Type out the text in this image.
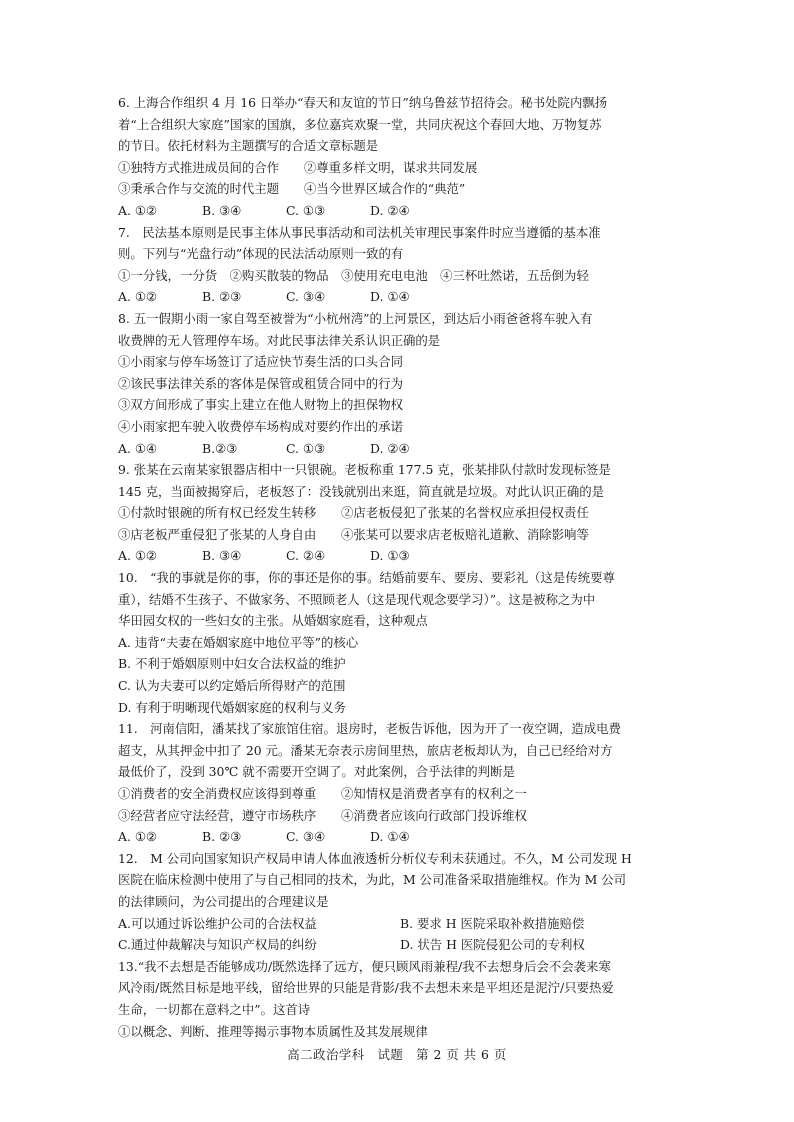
6. 上海合作组织 4 月 16 日举办“春天和友谊的节日”纳乌鲁兹节招待会。秘书处院内飘扬
着“上合组织大家庭”国家的国旗，多位嘉宾欢聚一堂，共同庆祝这个春回大地、万物复苏
的节日。依托材料为主题撰写的合适文章标题是
①独特方式推进成员间的合作　　②尊重多样文明，谋求共同发展
③秉承合作与交流的时代主题　　④当今世界区域合作的“典范”
A. ①②	B. ③④	C. ①③	D. ②④
7.　民法基本原则是民事主体从事民事活动和司法机关审理民事案件时应当遵循的基本准
则。下列与“光盘行动”体现的民法活动原则一致的有
①一分钱，一分货　②购买散装的物品　③使用充电电池　④三杯吐然诺，五岳倒为轻
A. ①②	B. ②③	C. ③④	D. ①④
8. 五一假期小雨一家自驾至被誉为“小杭州湾”的上河景区，到达后小雨爸爸将车驶入有
收费牌的无人管理停车场。对此民事法律关系认识正确的是
①小雨家与停车场签订了适应快节奏生活的口头合同
②该民事法律关系的客体是保管或租赁合同中的行为
③双方间形成了事实上建立在他人财物上的担保物权
④小雨家把车驶入收费停车场构成对要约作出的承诺
A. ①④	B.②③	C. ①③	D. ②④
9. 张某在云南某家银器店相中一只银碗。老板称重 177.5 克，张某排队付款时发现标签是
145 克，当面被揭穿后，老板怒了：没钱就别出来逛，简直就是垃圾。对此认识正确的是
①付款时银碗的所有权已经发生转移　　②店老板侵犯了张某的名誉权应承担侵权责任
③店老板严重侵犯了张某的人身自由　　④张某可以要求店老板赔礼道歉、消除影响等
A. ①②	B. ③④	C. ②④	D. ①③
10.　“我的事就是你的事，你的事还是你的事。结婚前要车、要房、要彩礼（这是传统要尊
重），结婚不生孩子、不做家务、不照顾老人（这是现代观念要学习）”。这是被称之为中
华田园女权的一些妇女的主张。从婚姻家庭看，这种观点
A. 违背“夫妻在婚姻家庭中地位平等”的核心
B. 不利于婚姻原则中妇女合法权益的维护
C. 认为夫妻可以约定婚后所得财产的范围
D. 有利于明晰现代婚姻家庭的权利与义务
11.　河南信阳，潘某找了家旅馆住宿。退房时，老板告诉他，因为开了一夜空调，造成电费
超支，从其押金中扣了 20 元。潘某无奈表示房间里热，旅店老板却认为，自己已经给对方
最低价了，没到 30℃ 就不需要开空调了。对此案例，合乎法律的判断是
①消费者的安全消费权应该得到尊重　　②知情权是消费者享有的权利之一
③经营者应守法经营，遵守市场秩序　　④消费者应该向行政部门投诉维权
A. ①②	B. ②③	C. ③④	D. ①④
12.　M 公司向国家知识产权局申请人体血液透析分析仪专利未获通过。不久，M 公司发现 H
医院在临床检测中使用了与自己相同的技术，为此，M 公司准备采取措施维权。作为 M 公司
的法律顾问，为公司提出的合理建议是
A.可以通过诉讼维护公司的合法权益	B. 要求 H 医院采取补救措施赔偿
C.通过仲裁解决与知识产权局的纠纷	D. 状告 H 医院侵犯公司的专利权
13.“我不去想是否能够成功/既然选择了远方，便只顾风雨兼程/我不去想身后会不会袭来寒
风冷雨/既然目标是地平线，留给世界的只能是背影/我不去想未来是平坦还是泥泞/只要热爱
生命，一切都在意料之中”。这首诗
①以概念、判断、推理等揭示事物本质属性及其发展规律
高二政治学科　试题　第 2 页 共 6 页
